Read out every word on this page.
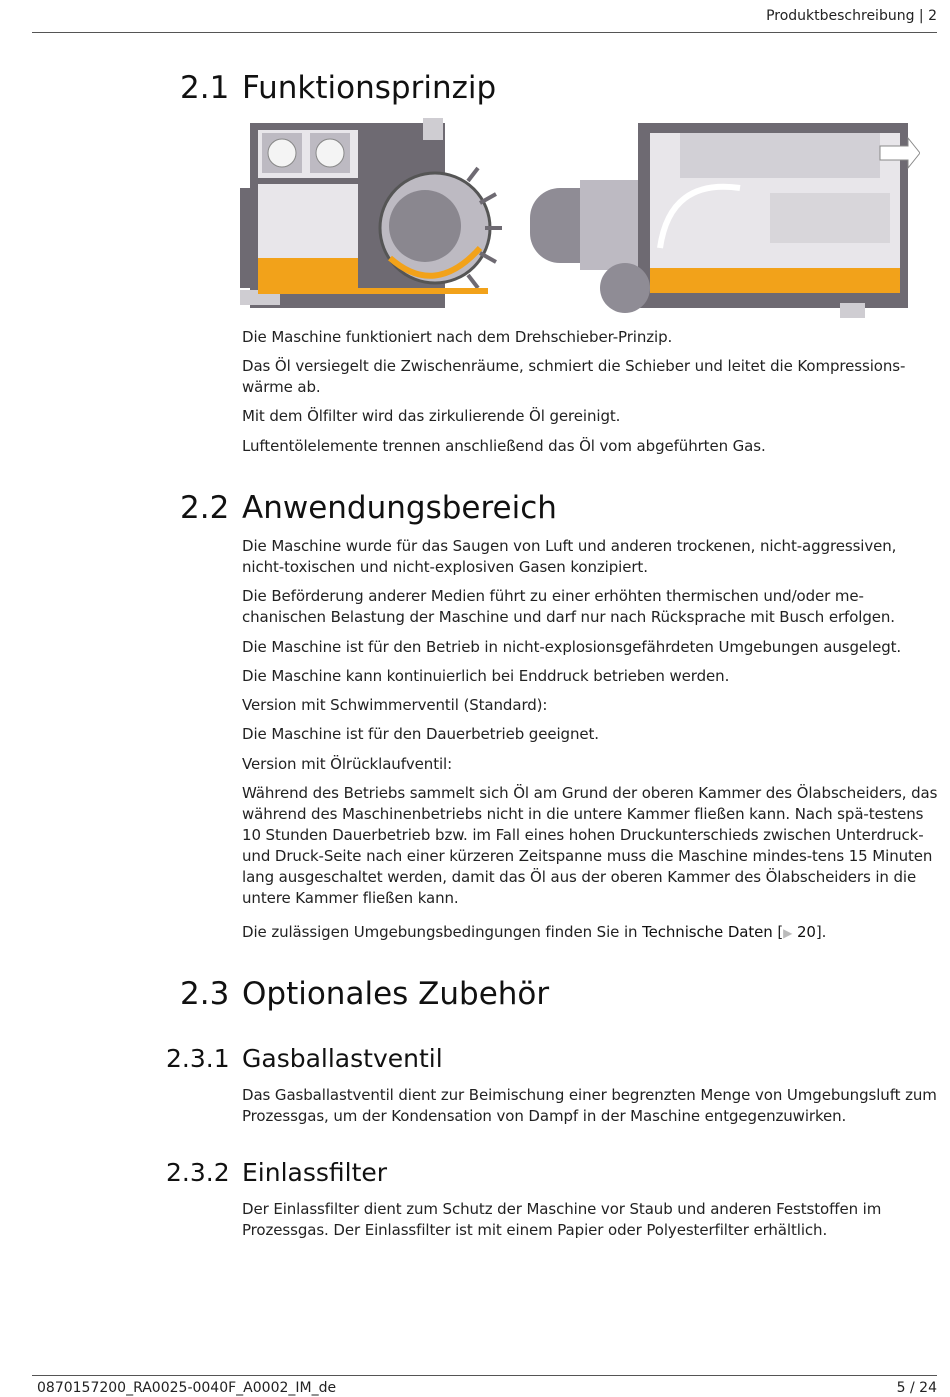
Produktbeschreibung | 2
2.1 Funktionsprinzip
Die Maschine funktioniert nach dem Drehschieber-Prinzip.
Das Öl versiegelt die Zwischenräume, schmiert die Schieber und leitet die Kompressions-wärme ab.
Mit dem Ölfilter wird das zirkulierende Öl gereinigt.
Luftentölelemente trennen anschließend das Öl vom abgeführten Gas.
2.2 Anwendungsbereich
Die Maschine wurde für das Saugen von Luft und anderen trockenen, nicht-aggressiven, nicht-toxischen und nicht-explosiven Gasen konzipiert.
Die Beförderung anderer Medien führt zu einer erhöhten thermischen und/oder me-chanischen Belastung der Maschine und darf nur nach Rücksprache mit Busch erfolgen.
Die Maschine ist für den Betrieb in nicht-explosionsgefährdeten Umgebungen ausgelegt.
Die Maschine kann kontinuierlich bei Enddruck betrieben werden.
Version mit Schwimmerventil (Standard):
Die Maschine ist für den Dauerbetrieb geeignet.
Version mit Ölrücklaufventil:
Während des Betriebs sammelt sich Öl am Grund der oberen Kammer des Ölabscheiders, das während des Maschinenbetriebs nicht in die untere Kammer fließen kann. Nach spä-testens 10 Stunden Dauerbetrieb bzw. im Fall eines hohen Druckunterschieds zwischen Unterdruck- und Druck-Seite nach einer kürzeren Zeitspanne muss die Maschine mindes-tens 15 Minuten lang ausgeschaltet werden, damit das Öl aus der oberen Kammer des Ölabscheiders in die untere Kammer fließen kann.
Die zulässigen Umgebungsbedingungen finden Sie in Technische Daten [▶ 20].
2.3 Optionales Zubehör
2.3.1 Gasballastventil
Das Gasballastventil dient zur Beimischung einer begrenzten Menge von Umgebungsluft zum Prozessgas, um der Kondensation von Dampf in der Maschine entgegenzuwirken.
2.3.2 Einlassfilter
Der Einlassfilter dient zum Schutz der Maschine vor Staub und anderen Feststoffen im Prozessgas. Der Einlassfilter ist mit einem Papier oder Polyesterfilter erhältlich.
0870157200_RA0025-0040F_A0002_IM_de	5 / 24
